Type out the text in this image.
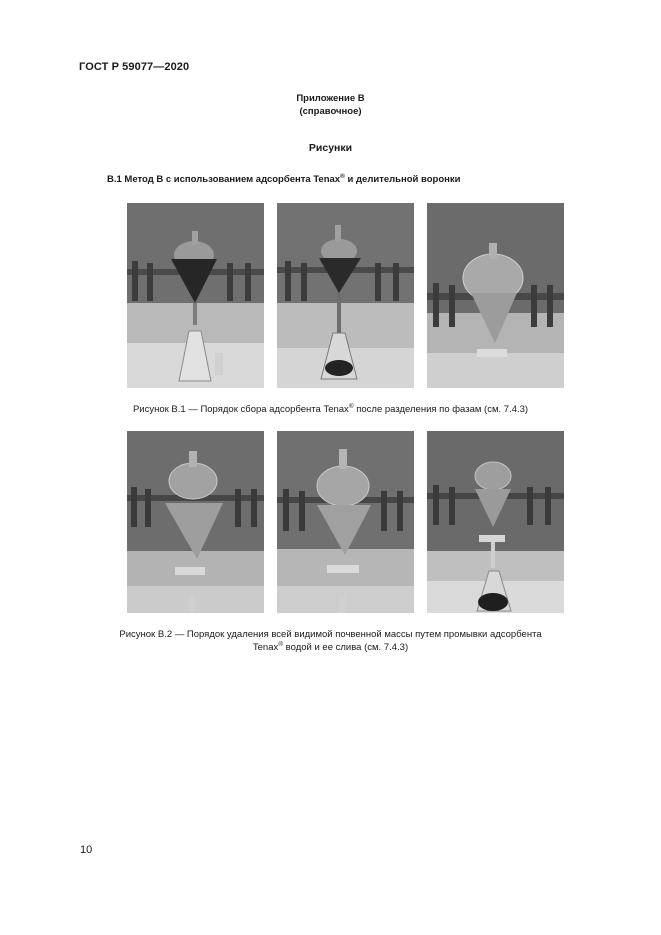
ГОСТ Р 59077—2020
Приложение В
(справочное)
Рисунки
В.1 Метод В с использованием адсорбента Tenax® и делительной воронки
Рисунок В.1 — Порядок сбора адсорбента Tenax® после разделения по фазам (см. 7.4.3)
Рисунок В.2 — Порядок удаления всей видимой почвенной массы путем промывки адсорбента
Tenax® водой и ее слива (см. 7.4.3)
10
